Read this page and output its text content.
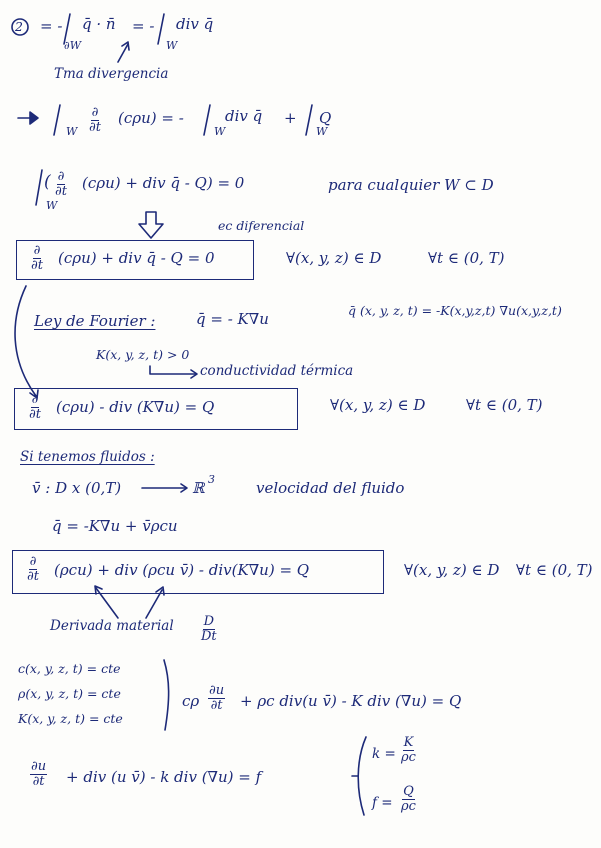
2 = - q̄ · n̄
∂W
= - div q̄
W
Tma divergencia
W
∂
∂t
(cρu) = -	div q̄ +
W
Q
W
( ∂
∂t (cρu) + div q̄ - Q) = 0
W
para cualquier W ⊂ D
ec diferencial
∂
∂t (cρu) + div q̄ - Q = 0	∀(x, y, z) ∈ D	∀t ∈ (0, T)
Ley de Fourier :	q̄ = - K∇u	q̄ (x, y, z, t) = -K(x,y,z,t) ∇u(x,y,z,t)
K(x, y, z, t) > 0
conductividad térmica
∂
∂t (cρu) - div (K∇u) = Q	∀(x, y, z) ∈ D	∀t ∈ (0, T)
Si tenemos fluidos :
v̄ : D x (0,T)	ℝ 3	velocidad del fluido
q̄ = -K∇u + v̄ρcu
∂
∂t (ρcu) + div (ρcu v̄) - div(K∇u) = Q	∀(x, y, z) ∈ D ∀t ∈ (0, T)
Derivada material $\frac{D}{Dt}$
c(x, y, z, t) = cte
ρ(x, y, z, t) = cte
K(x, y, z, t) = cte
cρ $\frac{\partial u}{\partial t} + \rho c$ div(u v̄) - K div (∇u) = Q
$\frac{\partial u}{\partial t}$ + div (u v̄) - k div (∇u) = f
$k = \frac{K}{\rho c}$
$f = \frac{Q}{\rho c}$
